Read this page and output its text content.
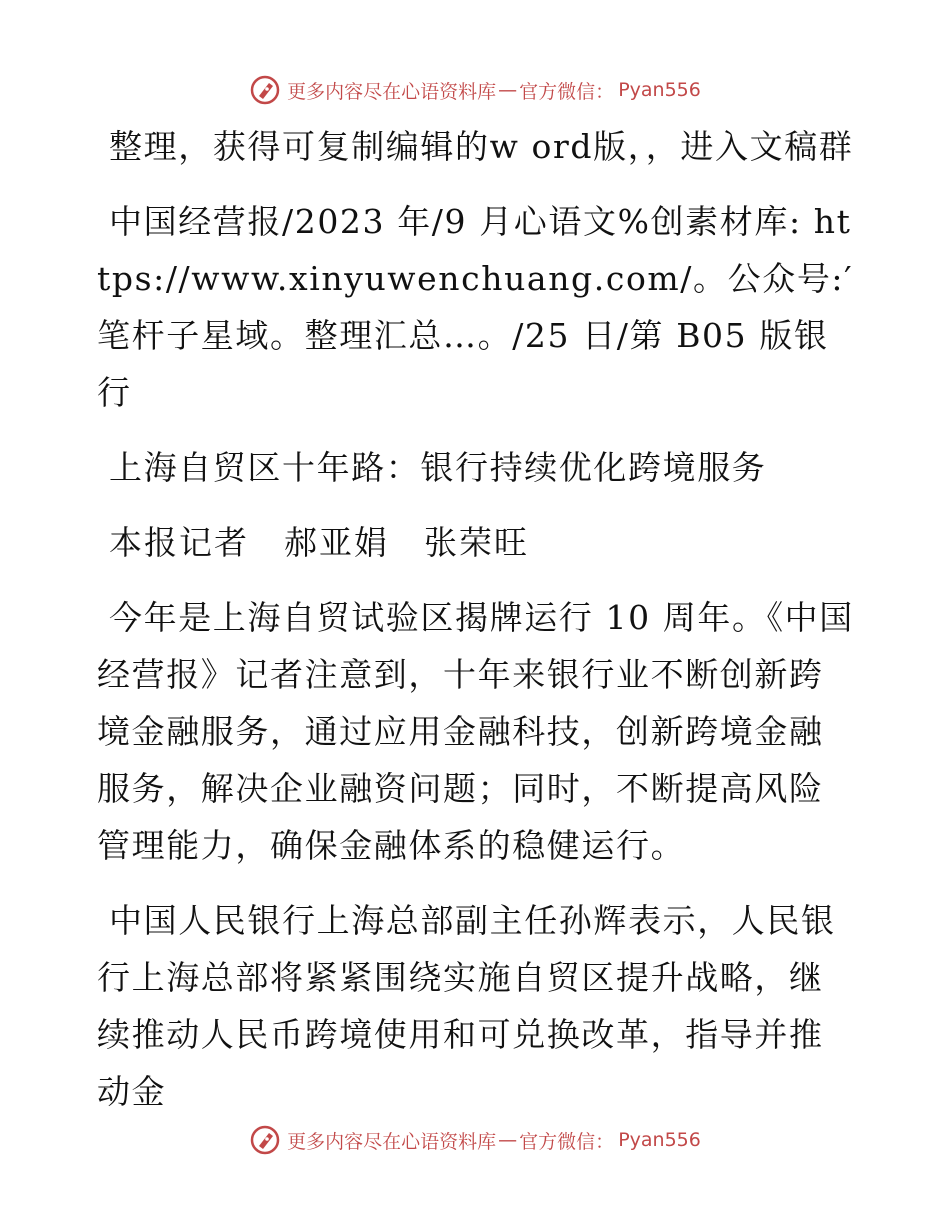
更多内容尽在心语资料库 — 官方微信： Pyan556

整理，获得可复制编辑的w ord版，，进入文稿群

中国经营报/2023 年/9 月心语文%创素材库: https://www.xinyuwenchuang.com/。公众号:′笔杆子星域。整理汇总…。/25 日/第 B05 版银行

上海自贸区十年路：银行持续优化跨境服务

本报记者　郝亚娟　张荣旺

今年是上海自贸试验区揭牌运行 10 周年。《中国经营报》记者注意到，十年来银行业不断创新跨境金融服务，通过应用金融科技，创新跨境金融服务，解决企业融资问题；同时，不断提高风险管理能力，确保金融体系的稳健运行。

中国人民银行上海总部副主任孙辉表示，人民银行上海总部将紧紧围绕实施自贸区提升战略，继续推动人民币跨境使用和可兑换改革，指导并推动金

更多内容尽在心语资料库 — 官方微信： Pyan556
